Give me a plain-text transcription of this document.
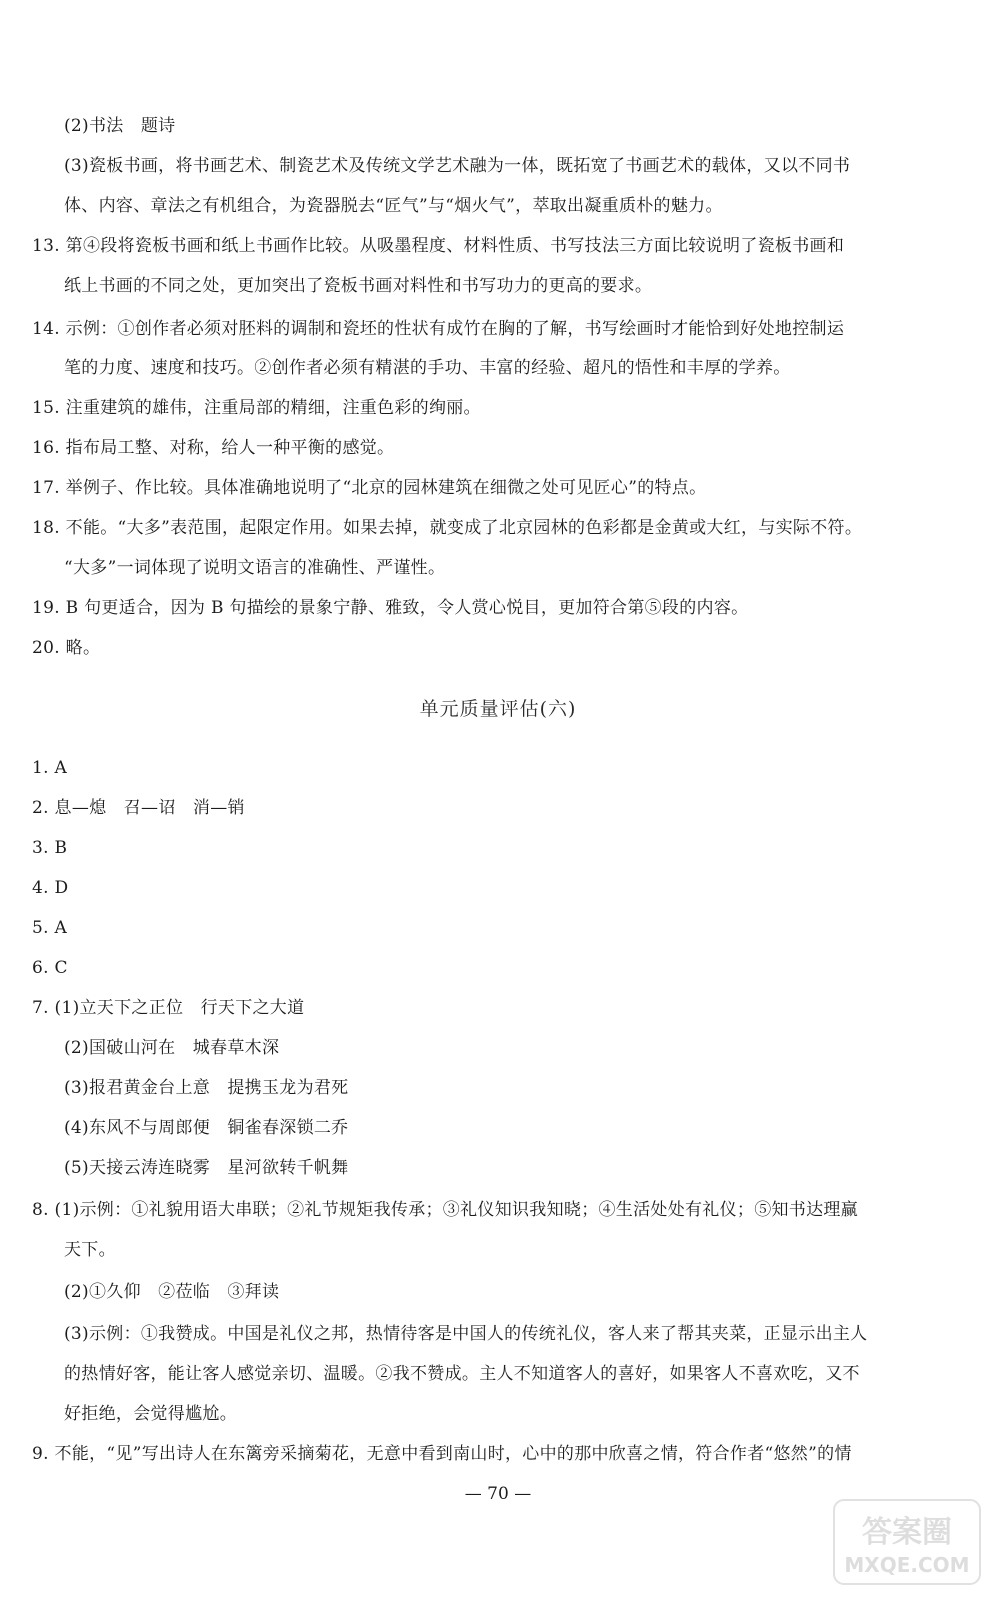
(2)书法　题诗
(3)瓷板书画，将书画艺术、制瓷艺术及传统文学艺术融为一体，既拓宽了书画艺术的载体，又以不同书
体、内容、章法之有机组合，为瓷器脱去“匠气”与“烟火气”，萃取出凝重质朴的魅力。
13. 第④段将瓷板书画和纸上书画作比较。从吸墨程度、材料性质、书写技法三方面比较说明了瓷板书画和
纸上书画的不同之处，更加突出了瓷板书画对料性和书写功力的更高的要求。
14. 示例：①创作者必须对胚料的调制和瓷坯的性状有成竹在胸的了解，书写绘画时才能恰到好处地控制运
笔的力度、速度和技巧。②创作者必须有精湛的手功、丰富的经验、超凡的悟性和丰厚的学养。
15. 注重建筑的雄伟，注重局部的精细，注重色彩的绚丽。
16. 指布局工整、对称，给人一种平衡的感觉。
17. 举例子、作比较。具体准确地说明了“北京的园林建筑在细微之处可见匠心”的特点。
18. 不能。“大多”表范围，起限定作用。如果去掉，就变成了北京园林的色彩都是金黄或大红，与实际不符。
“大多”一词体现了说明文语言的准确性、严谨性。
19. B 句更适合，因为 B 句描绘的景象宁静、雅致，令人赏心悦目，更加符合第⑤段的内容。
20. 略。
单元质量评估(六)
1. A
2. 息—熄　召—诏　消—销
3. B
4. D
5. A
6. C
7. (1)立天下之正位　行天下之大道
(2)国破山河在　城春草木深
(3)报君黄金台上意　提携玉龙为君死
(4)东风不与周郎便　铜雀春深锁二乔
(5)天接云涛连晓雾　星河欲转千帆舞
8. (1)示例：①礼貌用语大串联；②礼节规矩我传承；③礼仪知识我知晓；④生活处处有礼仪；⑤知书达理赢
天下。
(2)①久仰　②莅临　③拜读
(3)示例：①我赞成。中国是礼仪之邦，热情待客是中国人的传统礼仪，客人来了帮其夹菜，正显示出主人
的热情好客，能让客人感觉亲切、温暖。②我不赞成。主人不知道客人的喜好，如果客人不喜欢吃，又不
好拒绝，会觉得尴尬。
9. 不能，“见”写出诗人在东篱旁采摘菊花，无意中看到南山时，心中的那中欣喜之情，符合作者“悠然”的情
— 70 —
答案圈
MXQE.COM
